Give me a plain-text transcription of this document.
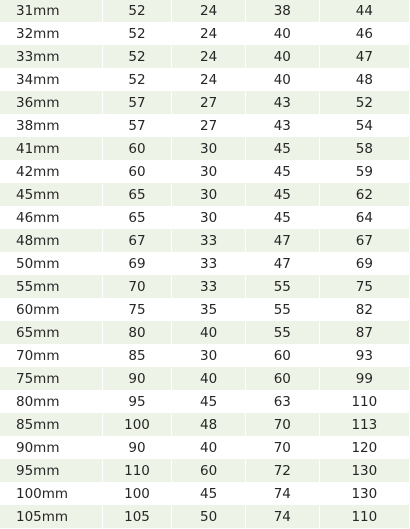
31mm	52	24	38	44
32mm	52	24	40	46
33mm	52	24	40	47
34mm	52	24	40	48
36mm	57	27	43	52
38mm	57	27	43	54
41mm	60	30	45	58
42mm	60	30	45	59
45mm	65	30	45	62
46mm	65	30	45	64
48mm	67	33	47	67
50mm	69	33	47	69
55mm	70	33	55	75
60mm	75	35	55	82
65mm	80	40	55	87
70mm	85	30	60	93
75mm	90	40	60	99
80mm	95	45	63	110
85mm	100	48	70	113
90mm	90	40	70	120
95mm	110	60	72	130
100mm	100	45	74	130
105mm	105	50	74	110
